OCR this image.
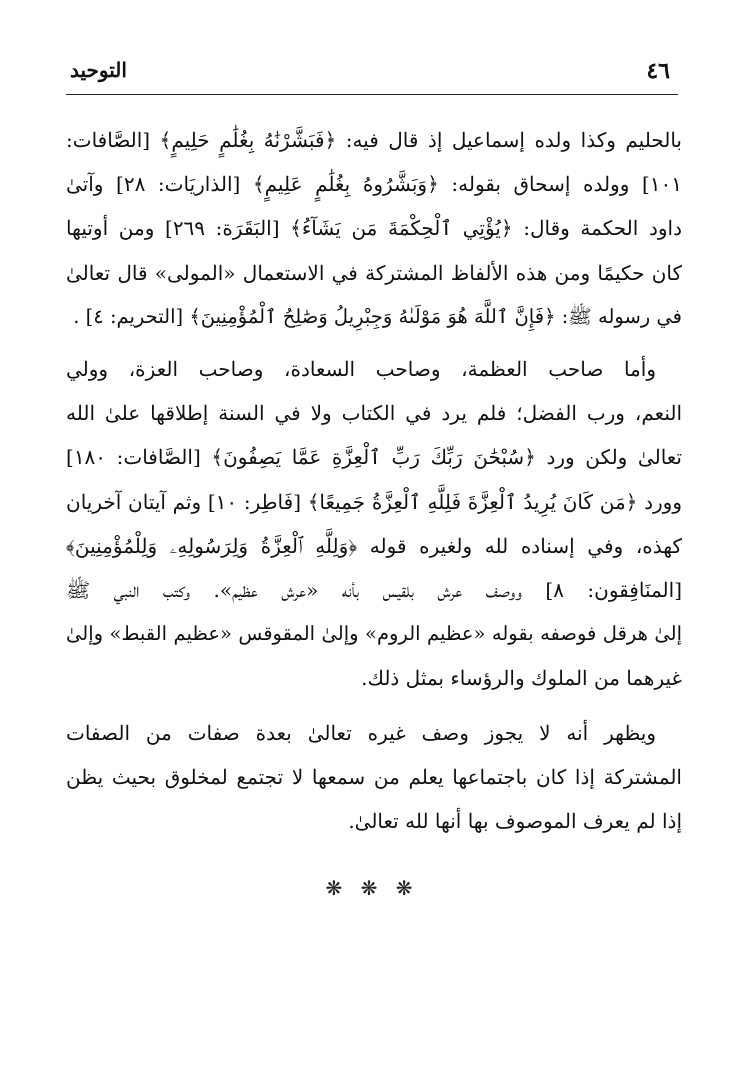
٤٦
التوحيد

بالحليم وكذا ولده إسماعيل إذ قال فيه: ﴿فَبَشَّرْنَٰهُ بِغُلَٰمٍ حَلِيمٍ﴾ [الصَّافات:
١٠١] وولده إسحاق بقوله: ﴿وَبَشَّرُوهُ بِغُلَٰمٍ عَلِيمٍ﴾ [الذاريَات: ٢٨] وآتىٰ
داود الحكمة وقال: ﴿يُؤْتِي ٱلْحِكْمَةَ مَن يَشَآءُ﴾ [البَقَرَة: ٢٦٩] ومن أوتيها
كان حكيمًا ومن هذه الألفاظ المشتركة في الاستعمال «المولى» قال تعالىٰ
في رسوله ﷺ: ﴿فَإِنَّ ٱللَّهَ هُوَ مَوْلَىٰهُ وَجِبْرِيلُ وَصَٰلِحُ ٱلْمُؤْمِنِينَ﴾ [التحريم: ٤] .

وأما صاحب العظمة، وصاحب السعادة، وصاحب العزة، وولي
النعم، ورب الفضل؛ فلم يرد في الكتاب ولا في السنة إطلاقها علىٰ الله
تعالىٰ ولكن ورد ﴿سُبْحَٰنَ رَبِّكَ رَبِّ ٱلْعِزَّةِ عَمَّا يَصِفُونَ﴾ [الصَّافات: ١٨٠]
وورد ﴿مَن كَانَ يُرِيدُ ٱلْعِزَّةَ فَلِلَّهِ ٱلْعِزَّةُ جَمِيعًا﴾ [فَاطِر: ١٠] وثم آيتان آخريان
كهذه، وفي إسناده لله ولغيره قوله ﴿وَلِلَّهِ ٱلْعِزَّةُ وَلِرَسُولِهِۦ وَلِلْمُؤْمِنِينَ﴾
[المنَافِقون: ٨] ووصف عرش بلقيس بأنه «عرش عظيم». وكتب النبي ﷺ
إلىٰ هرقل فوصفه بقوله «عظيم الروم» وإلىٰ المقوقس «عظيم القبط» وإلىٰ
غيرهما من الملوك والرؤساء بمثل ذلك.

ويظهر أنه لا يجوز وصف غيره تعالىٰ بعدة صفات من الصفات
المشتركة إذا كان باجتماعها يعلم من سمعها لا تجتمع لمخلوق بحيث يظن
إذا لم يعرف الموصوف بها أنها لله تعالىٰ.

❋ ❋ ❋
